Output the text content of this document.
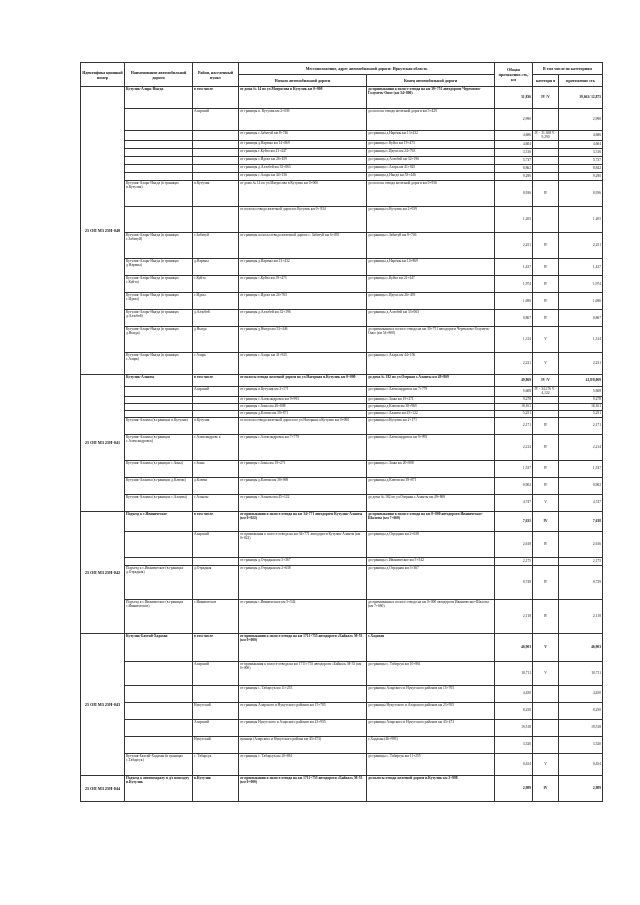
Идентифика ционный номер	Наименование автомобильной дороги	Район, населенный пункт	Местоположение, адрес автомобильной дороги: Иркутская область		Общая протяженно сть, км	В том числе по категориям	
			Начало автомобильной дороги	Конец автомобильной дороги		категори я	протяженно сть
25 ОП МЗ 25Н-040	Кутулик-Аларь-Ныгда	в том числе	от дома № 14 по ул.Матросова в Кутулик км 0+000	до примыкания к полосе отвода на км 30+751 автодороги Черемхово-Голуметь-Онот (км 54+800)	51,836	IV /V	39,661/ 12,875
		Аларский	от границы п. Кутулик км 2+039	до полосы отвода железной дороги км 5+429	2,990		2,990
			от границы с.Забитуй км 8+746	до границы д.Нарены км 13+432	4,686	IV - 31,368 V - 9,290	4,686
			от границы д.Нарены км 14+869	до границы с.Куйта км 19+473	4,604		4,604
			от границы с.Куйта км 21+447	до границы с.Идеал км 24+763	3,316		3,316
			от границы с.Идеал км 26+459	до границы д.Алзобей км 32+196	5,737		5,737
			от границы д.Алзобей км 33+063	до границы с.Аларь км 41+925	8,862		8,842
			от границы с.Аларь км 44+156	до границы д.Ныгда км 53+446	9,290		9,290
	Кутулик-Аларь-Ныгда (в границах п.Кутулик)	п.Кутулик	от дома № 14 по ул.Матросова в Кутулик км 0+000	до полосы отвода железной дороги км 0+936	0,936	IV	0,936
			от полосы отвода железной дороги п.Кутулик км 0+ 834	до границы п.Кутулик км 2+039	1,205		1,205
	Кутулик-Аларь-Ныгда (в границах с.Забитуй)	с.Забитуй	от границы полосы отвода железной дороги с. Забитуй км 6+495	до границы с.Забитуй км 8+746	2,251	IV	2,251
	Кутулик-Аларь-Ныгда (в границах д.Нарены)	д.Нарены	от границы д.Нарены км 13+432	до границы д.Нарены км 14+869	1,437	IV	1,437
	Кутулик-Аларь-Ныгда (в границах с.Куйта)	с.Куйта	от границы с.Куйта км 19+473	до границы с.Куйта км 21+447	1,974	IV	1,974
	Кутулик-Аларь-Ныгда (в границах с.Идеал)	с.Идеал	от границы с.Идеал км 24+763	до границы с.Идеал км 26+459	1,696	IV	1,696
	Кутулик-Аларь-Ныгда (в границах д.Алзобей)	д.Алзобей	от границы д.Алзобей км 32+196	до границы д.Алзобей км 33+063	0,867	IV	0,867
	Кутулик-Аларь-Ныгда (в границах д.Ныгда)	д.Ныгда	от границы д.Ныгда км 53+446	до примыкания к полосе отвода на км 30+751 автодороги Черемхово-Голуметь-Онот (км 54+800)	1,314	V	1,314
	Кутулик-Аларь-Ныгда (в границах с.Аларь)	с.Аларь	от границы с.Аларь км 41+925	до границы с.Аларь км 44+156	2,231	V	2,231
25 ОП МЗ 25Н-041	Кутулик-Аланты	в том числе	от полосы отвода железной дороги по ул.Нагорная п.Кутулик км 0+000	до дома № 182 по ул.Озерная с.Аланты км 49+869	49,869	IV /V	41,8/8,069
		Аларский	от границы п.Кутулик км 2+171	до границы с.Александровск км 7+779	5,608	IV - 34,176 V - 4,122	5,608
			от границы с.Александровск км 9+993	до границы с.Зоны км 19+271	9,278		9,278
			от границы с.Зоны км 20+808	до границы д.Ключи км 38+969	18,161		18,161
			от границы д.Ключи км 39+871	до границы с.Аланты км 45+122	5,251		5,251
	Кутулик-Аланты (в границах п.Кутулик)	п.Кутулик	от полосы отвода железной дороги по ул.Нагорная п.Кутулик км 0+000	до границы п.Кутулик км 2+171	2,171	IV	2,171
	Кутулик-Аланты (в границах с.Александровск)	с.Александровс к	от границы с.Александровск км 7+779	до границы с.Александровск км 9+993	2,214	IV	2,214
	Кутулик-Аланты (в границах с.Зоны)	с.Зоны	от границы с.Зоны км 19+271	до границы с.Зоны км 20+808	1,537	IV	1,537
	Кутулик-Аланты (в границах д.Ключи)	д.Ключи	от границы д.Ключи км 38+969	до границы д.Ключи км 39+871	0,902	IV	0,902
	Кутулик-Аланты (в границах с.Аланты)	с.Аланты	от границы с.Аланты км 45+122	до дома № 182 по ул.Озерная с.Аланты км 49+869	4,747	V	4,747
25 ОП МЗ 25Н-042	Подъезд к с.Иваническое	в том числе	от примыкания к полосе отвода на км 34+771 автодороги Кутулик-Аланты (км 0+022)	до примыкания к полосе отвода на км 0+000 автодороги Иваническое-Шалоты (км 7+660)	7,635	IV	7,638
		Аларский	от примыкания к полосе отвода на км 34+771 автодороги Кутулик-Аланты (км 0+022)	до границы д.Отрадная км 2+638	2,618	IV	2,616
			от границы д.Отрадная км 3+367	до границы с.Иваническое км 5+542	2,175		2,175
	Подъезд к с.Иваническое (в границах д.Отрадная)	д.Отрадная	от границы д.Отрадная км 2+638	до границы д.Отрадная км 3+367	0,729	IV	0,729
	Подъезд к с.Иваническое (в границах с.Иваническое)	с.Иваническое	от границы с.Иваническое км 5+542	до примыкания к полосе отвода на км 0+000 автодороги Иваническое-Шалоты (км 7+660)	2,118	IV	2,118
25 ОП МЗ 25Н-043	Кутулик-Бахтай-Хадахан	в том числе	от примыкания к полосе отвода на км 1711+755 автодороги «Байкал» М-53 (км 0+000)	с.Хадахан	46,903	V	46,903
		Аларский	от примыкания к полосе отвода на км 1711+755 автодороги «Байкал» М-53 (км 0+000)	до границы с. Табарсук км 10+861	10,711	V	10,711
			от границы с. Табарсук км 11+255	до границы Аларского и Нукутского районов км 15+705	4,450		4,450
		Нукутский	от границы Аларского и Нукутского районов км 15+705	до границы Нукутского и Аларского районов км 23+955	8,250		8,250
		Аларский	от границы Нукутского и Аларского районов км 23+955	до границы Аларского и Нукутского районов км 43+473	19,518		19,518
		Нукутский	граница (Аларского и Нукутского района км 43+473)	с.Хадахан (46+993)	3,520		3,520
	Кутулик-Бахтай-Хадахан (в границах с.Табарсук)	с. Табарсук	от границы с. Табарсук км 10+861	до границы с. Табарсук км 11+255	0,454	V	0,454
25 ОП МЗ 25Н-044	Подъезд к автопохоралу в д/з пожгадту п.Кутулик	п.Кутулик	от примыкания к полосе отвода на км 1711+755 автодороги «Байкал» М-53 (км 0+000)	до полосы отвода железной дороги п.Кутулик км 2+988	2,989	IV	2,989
